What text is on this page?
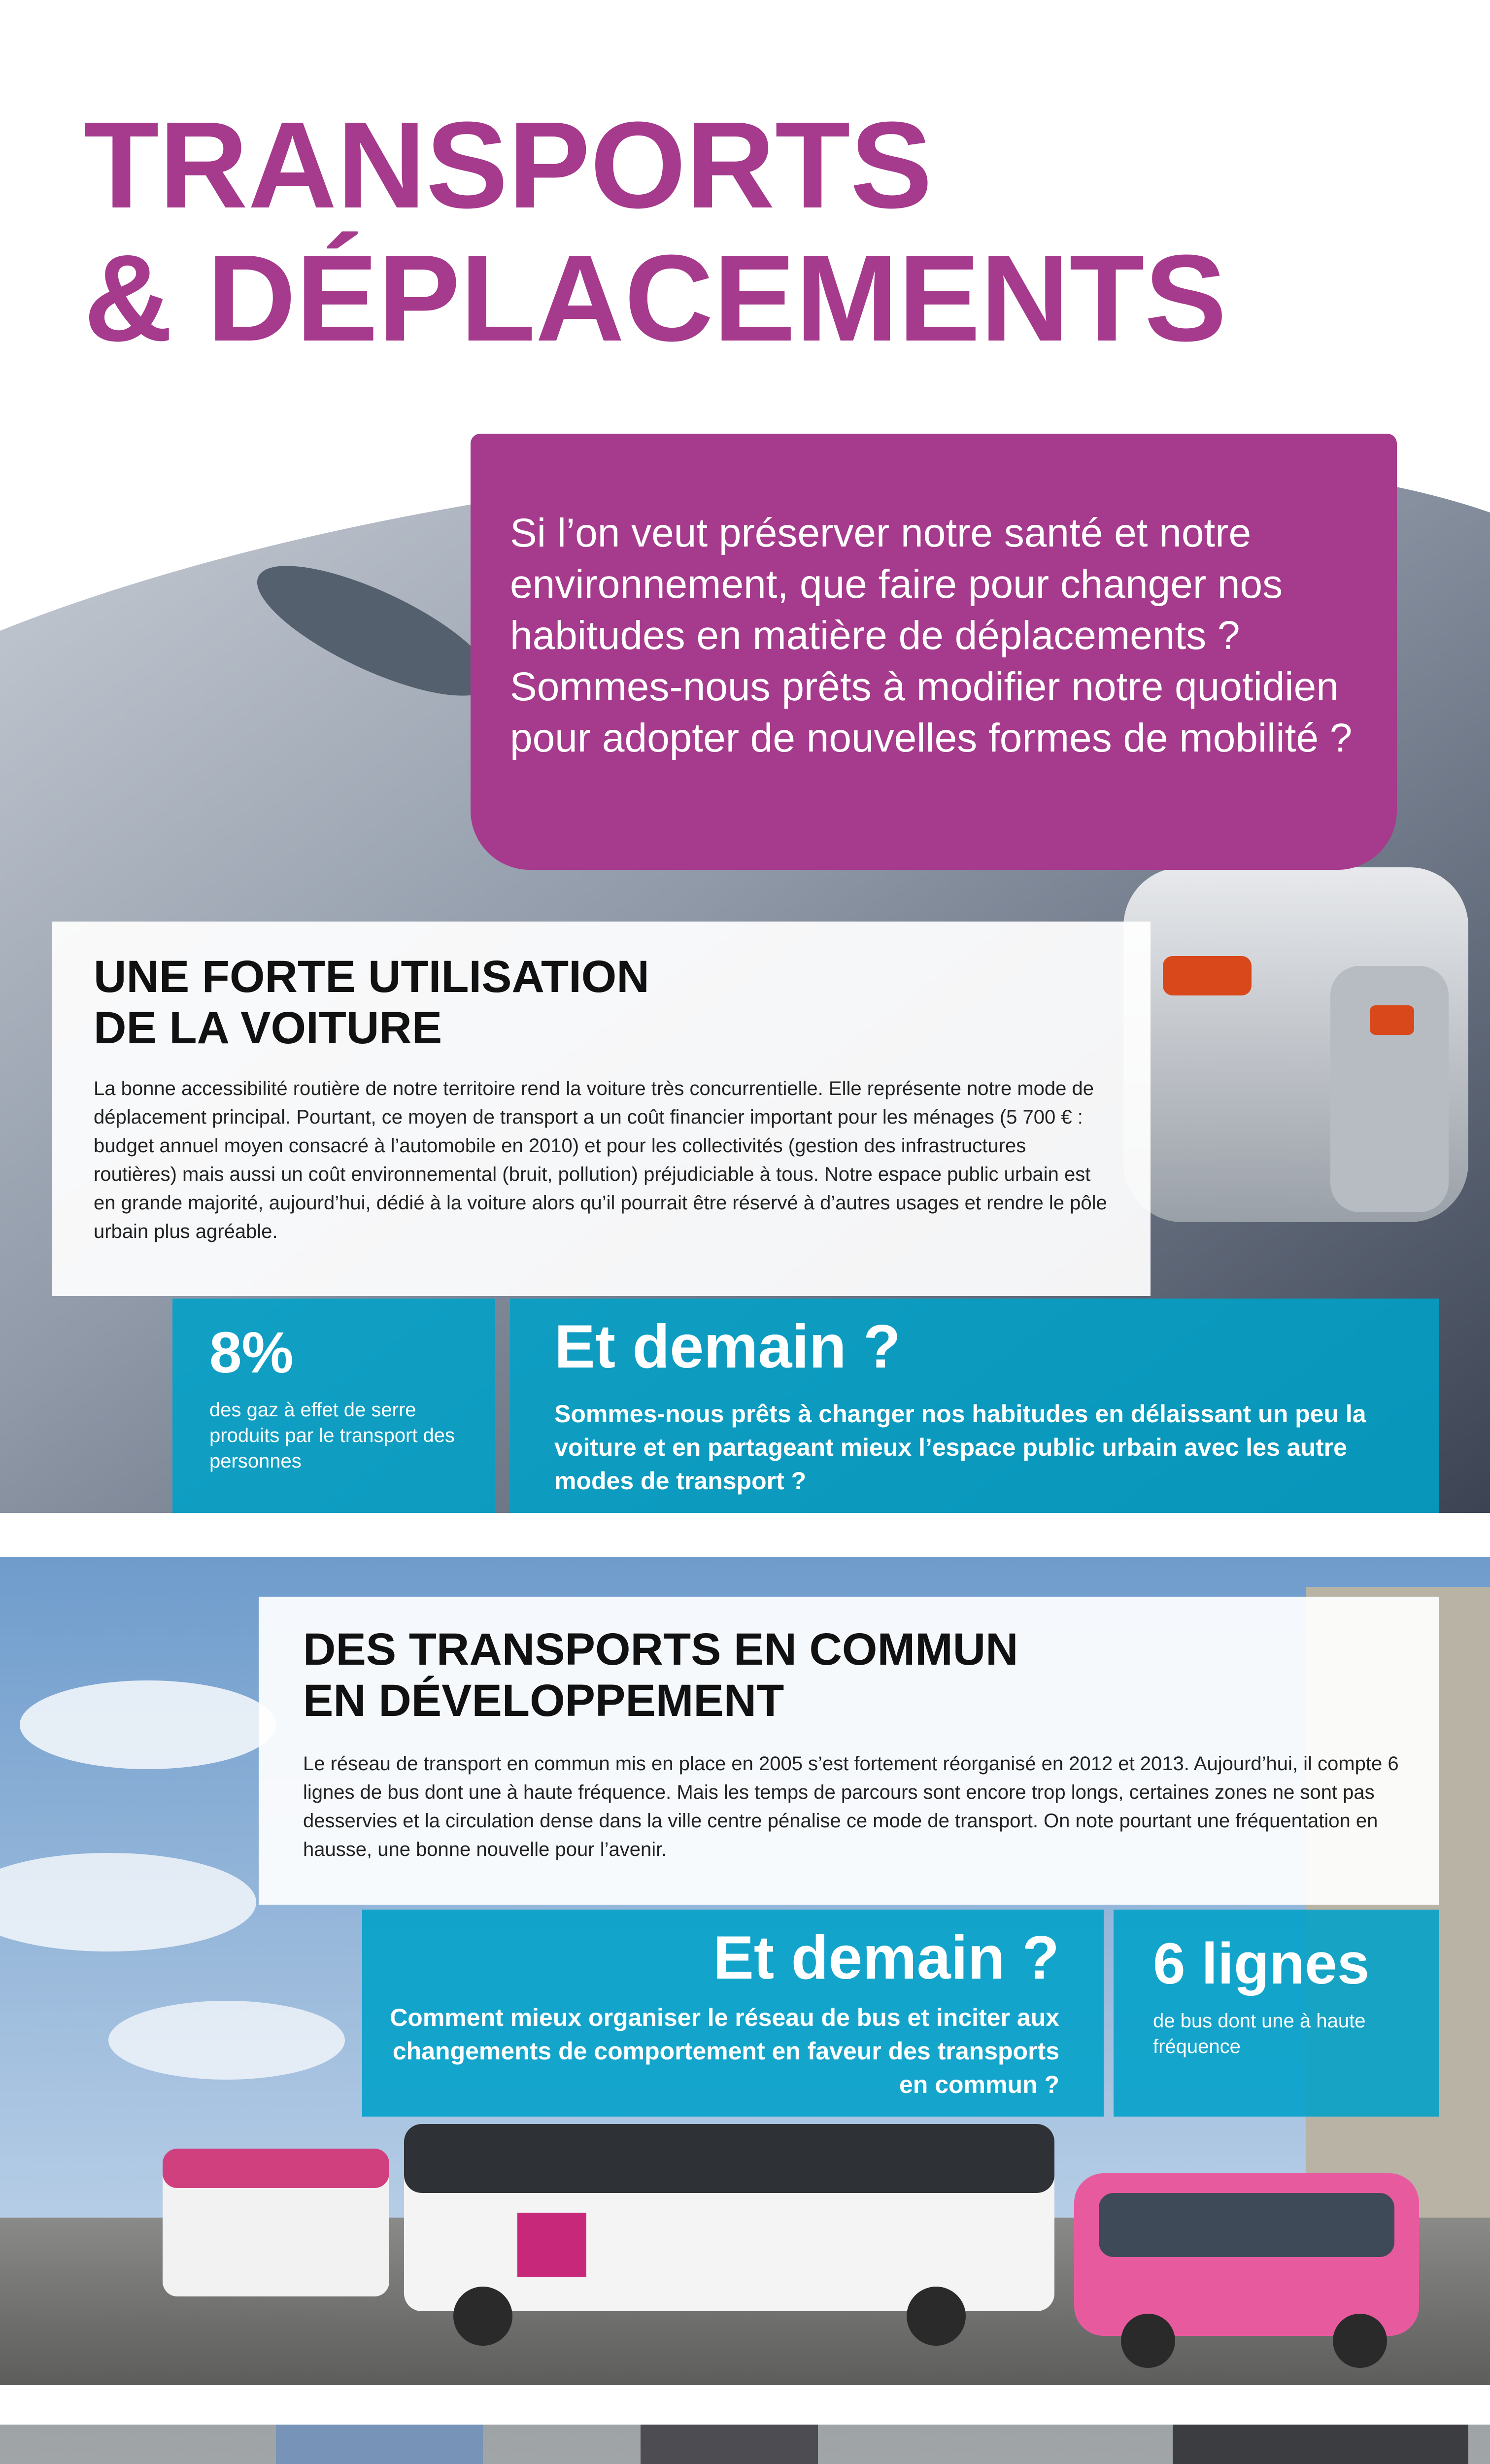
TRANSPORTS
& DÉPLACEMENTS
Si l’on veut préserver notre santé et notre environnement, que faire pour changer nos habitudes en matière de déplacements ? Sommes-nous prêts à modifier notre quotidien pour adopter de nouvelles formes de mobilité ?
UNE FORTE UTILISATION
DE LA VOITURE
La bonne accessibilité routière de notre territoire rend la voiture très concurrentielle. Elle représente notre mode de déplacement principal. Pourtant, ce moyen de transport a un coût financier important pour les ménages (5 700 € : budget annuel moyen consacré à l’automobile en 2010) et pour les collectivités (gestion des infrastructures routières) mais aussi un coût environnemental (bruit, pollution) préjudiciable à tous. Notre espace public urbain est en grande majorité, aujourd’hui, dédié à la voiture alors qu’il pourrait être réservé à d’autres usages et rendre le pôle urbain plus agréable.
8%
des gaz à effet de serre produits par le transport des personnes
Et demain ?
Sommes-nous prêts à changer nos habitudes en délaissant un peu la voiture et en partageant mieux l’espace public urbain avec les autre modes de transport ?
DES TRANSPORTS EN COMMUN
EN DÉVELOPPEMENT
Le réseau de transport en commun mis en place en 2005 s’est fortement réorganisé en 2012 et 2013. Aujourd’hui, il compte 6 lignes de bus dont une à haute fréquence. Mais les temps de parcours sont encore trop longs, certaines zones ne sont pas desservies et la circulation dense dans la ville centre pénalise ce mode de transport. On note pourtant une fréquentation en hausse, une bonne nouvelle pour l’avenir.
Et demain ?
Comment mieux organiser le réseau de bus et inciter aux changements de comportement en faveur des transports en commun ?
6 lignes
de bus dont une à haute fréquence
